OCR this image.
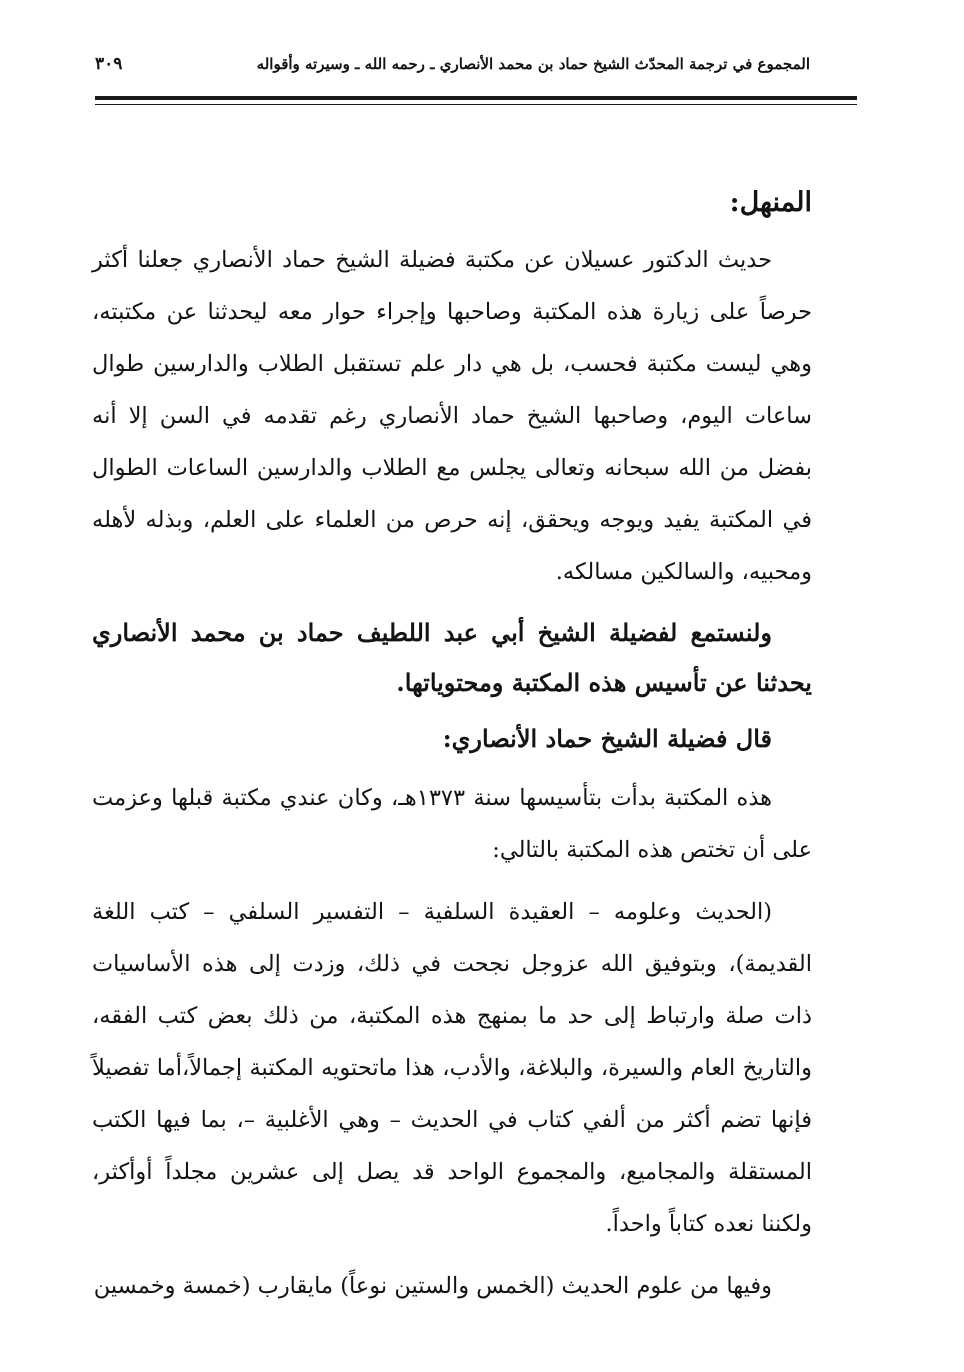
المجموع في ترجمة المحدّث الشيخ حماد بن محمد الأنصاري ـ رحمه الله ـ وسيرته وأقواله
٣٠٩
المنهل:

حديث الدكتور عسيلان عن مكتبة فضيلة الشيخ حماد الأنصاري جعلنا أكثر حرصاً على زيارة هذه المكتبة وصاحبها وإجراء حوار معه ليحدثنا عن مكتبته، وهي ليست مكتبة فحسب، بل هي دار علم تستقبل الطلاب والدارسين طوال ساعات اليوم، وصاحبها الشيخ حماد الأنصاري رغم تقدمه في السن إلا أنه بفضل من الله سبحانه وتعالى يجلس مع الطلاب والدارسين الساعات الطوال في المكتبة يفيد ويوجه ويحقق، إنه حرص من العلماء على العلم، وبذله لأهله ومحبيه، والسالكين مسالكه.

ولنستمع لفضيلة الشيخ أبي عبد اللطيف حماد بن محمد الأنصاري يحدثنا عن تأسيس هذه المكتبة ومحتوياتها.

قال فضيلة الشيخ حماد الأنصاري:

هذه المكتبة بدأت بتأسيسها سنة ١٣٧٣هـ، وكان عندي مكتبة قبلها وعزمت على أن تختص هذه المكتبة بالتالي:

(الحديث وعلومه – العقيدة السلفية – التفسير السلفي – كتب اللغة القديمة)، وبتوفيق الله عزوجل نجحت في ذلك، وزدت إلى هذه الأساسيات ذات صلة وارتباط إلى حد ما بمنهج هذه المكتبة، من ذلك بعض كتب الفقه، والتاريخ العام والسيرة، والبلاغة، والأدب، هذا ماتحتويه المكتبة إجمالاً،أما تفصيلاً فإنها تضم أكثر من ألفي كتاب في الحديث – وهي الأغلبية –، بما فيها الكتب المستقلة والمجاميع، والمجموع الواحد قد يصل إلى عشرين مجلداً أوأكثر، ولكننا نعده كتاباً واحداً.

وفيها من علوم الحديث (الخمس والستين نوعاً) مايقارب (خمسة وخمسين
